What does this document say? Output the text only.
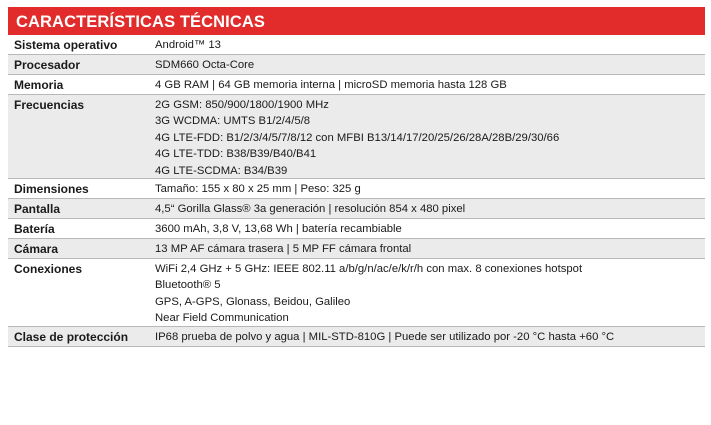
CARACTERÍSTICAS TÉCNICAS
Sistema operativo	Android™ 13
Procesador	SDM660 Octa-Core
Memoria	4 GB RAM | 64 GB memoria interna | microSD memoria hasta 128 GB
Frecuencias	2G GSM: 850/900/1800/1900 MHz
3G WCDMA: UMTS B1/2/4/5/8
4G LTE-FDD: B1/2/3/4/5/7/8/12 con MFBI B13/14/17/20/25/26/28A/28B/29/30/66
4G LTE-TDD: B38/B39/B40/B41
4G LTE-SCDMA: B34/B39
Dimensiones	Tamaño: 155 x 80 x 25 mm | Peso: 325 g
Pantalla	4,5“ Gorilla Glass® 3a generación | resolución 854 x 480 pixel
Batería	3600 mAh, 3,8 V, 13,68 Wh | batería recambiable
Cámara	13 MP AF cámara trasera | 5 MP FF cámara frontal
Conexiones	WiFi 2,4 GHz + 5 GHz: IEEE 802.11 a/b/g/n/ac/e/k/r/h con max. 8 conexiones hotspot
Bluetooth® 5
GPS, A-GPS, Glonass, Beidou, Galileo
Near Field Communication
Clase de protección	IP68 prueba de polvo y agua | MIL-STD-810G | Puede ser utilizado por -20 °C hasta +60 °C
